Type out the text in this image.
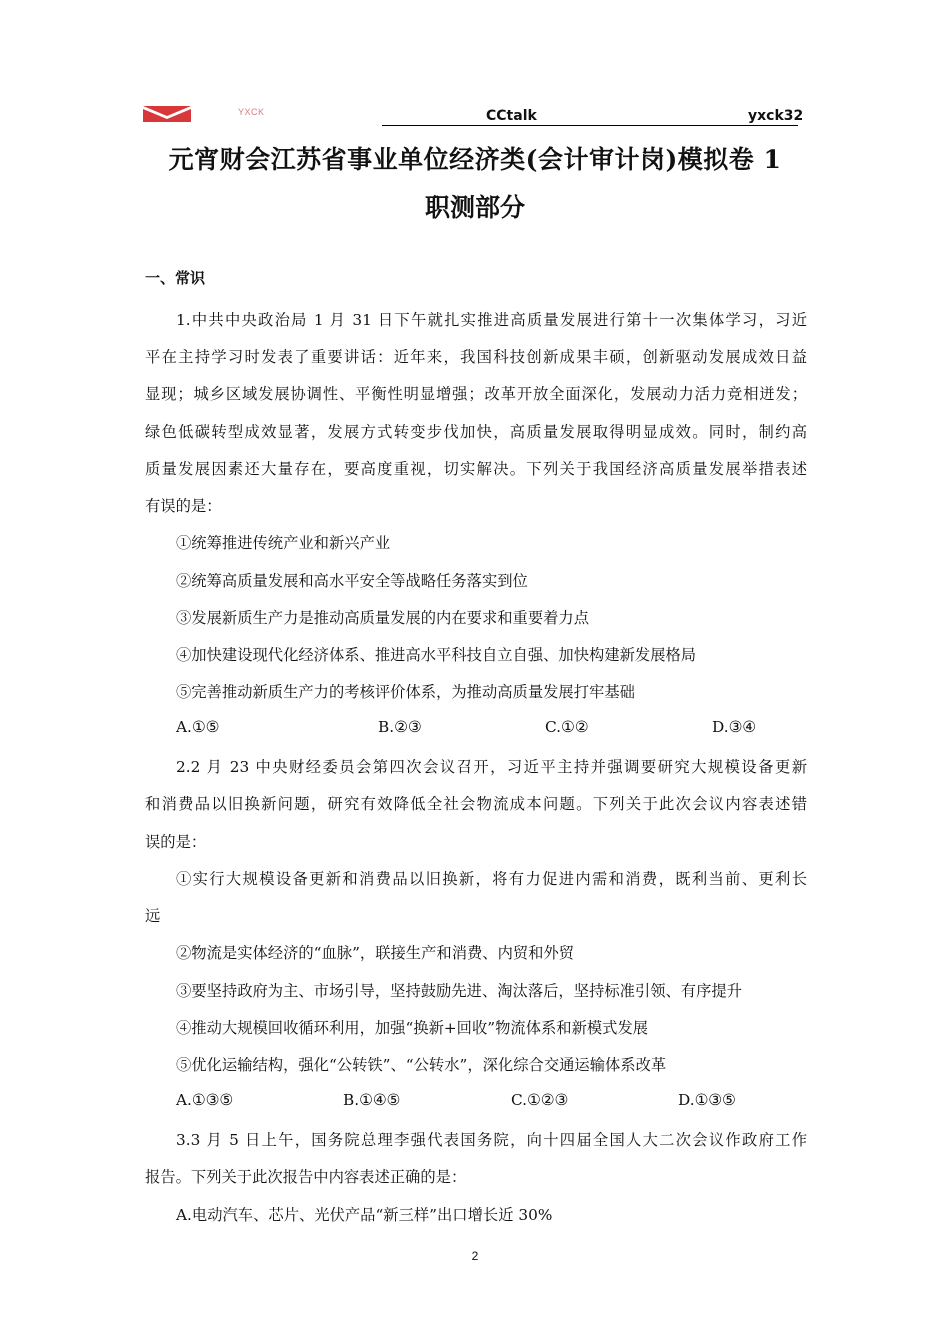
YXCK	CCtalk	yxck32
元宵财会江苏省事业单位经济类(会计审计岗)模拟卷 1
职测部分
一、常识
1.中共中央政治局 1 月 31 日下午就扎实推进高质量发展进行第十一次集体学习，习近
平在主持学习时发表了重要讲话：近年来，我国科技创新成果丰硕，创新驱动发展成效日益
显现；城乡区域发展协调性、平衡性明显增强；改革开放全面深化，发展动力活力竞相迸发；
绿色低碳转型成效显著，发展方式转变步伐加快，高质量发展取得明显成效。同时，制约高
质量发展因素还大量存在，要高度重视，切实解决。下列关于我国经济高质量发展举措表述
有误的是：
①统筹推进传统产业和新兴产业
②统筹高质量发展和高水平安全等战略任务落实到位
③发展新质生产力是推动高质量发展的内在要求和重要着力点
④加快建设现代化经济体系、推进高水平科技自立自强、加快构建新发展格局
⑤完善推动新质生产力的考核评价体系，为推动高质量发展打牢基础
A.①⑤	B.②③	C.①②	D.③④
2.2 月 23 中央财经委员会第四次会议召开，习近平主持并强调要研究大规模设备更新
和消费品以旧换新问题，研究有效降低全社会物流成本问题。下列关于此次会议内容表述错
误的是：
①实行大规模设备更新和消费品以旧换新，将有力促进内需和消费，既利当前、更利长
远
②物流是实体经济的“血脉”，联接生产和消费、内贸和外贸
③要坚持政府为主、市场引导，坚持鼓励先进、淘汰落后，坚持标准引领、有序提升
④推动大规模回收循环利用，加强“换新+回收”物流体系和新模式发展
⑤优化运输结构，强化“公转铁”、“公转水”，深化综合交通运输体系改革
A.①③⑤	B.①④⑤	C.①②③	D.①③⑤
3.3 月 5 日上午，国务院总理李强代表国务院，向十四届全国人大二次会议作政府工作
报告。下列关于此次报告中内容表述正确的是：
A.电动汽车、芯片、光伏产品“新三样”出口增长近 30%
2
